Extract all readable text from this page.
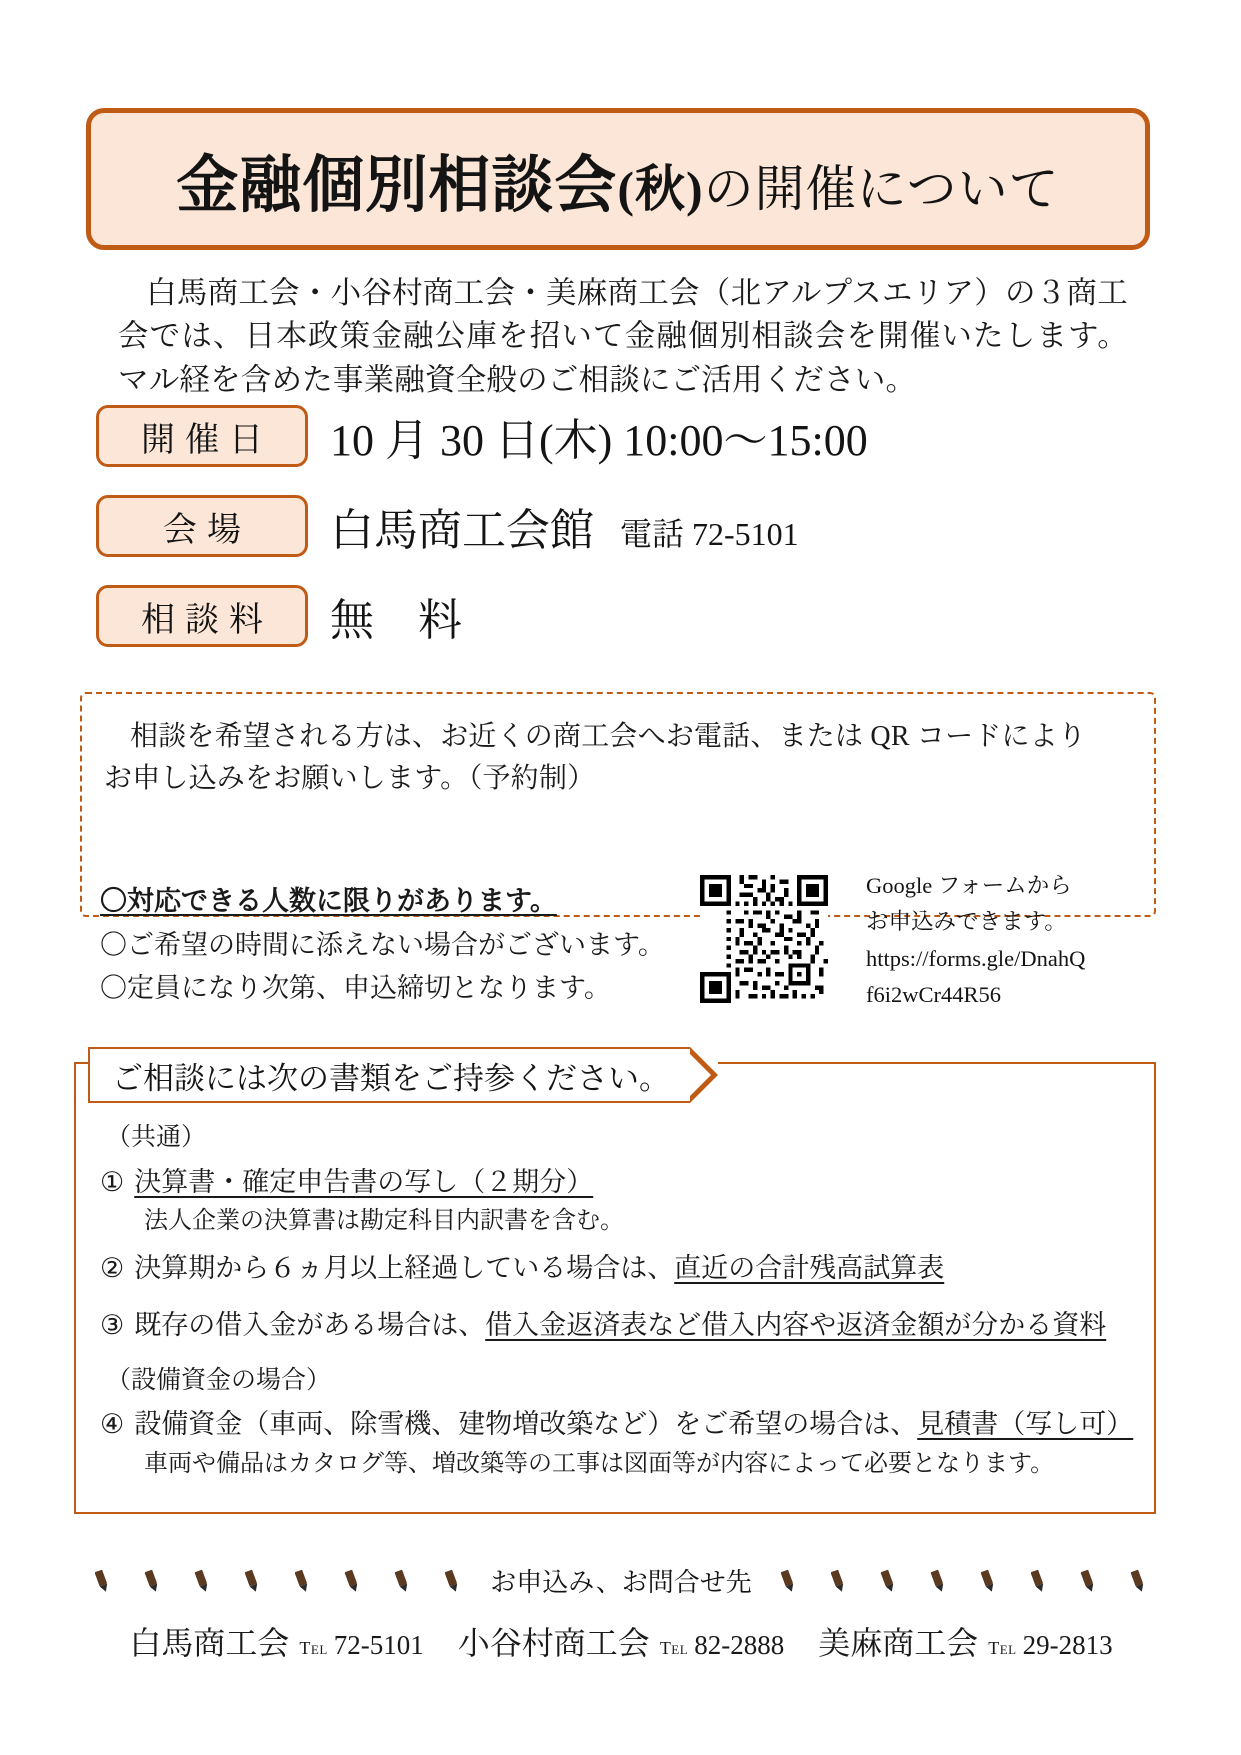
金融個別相談会(秋)の開催について
白馬商工会・小谷村商工会・美麻商工会（北アルプスエリア）の３商工会では、日本政策金融公庫を招いて金融個別相談会を開催いたします。マル経を含めた事業融資全般のご相談にご活用ください。
開催日	10 月 30 日(木) 10:00〜15:00
会場	白馬商工会館 電話 72-5101
相談料	無　料
相談を希望される方は、お近くの商工会へお電話、または QR コードによりお申し込みをお願いします。（予約制）
〇対応できる人数に限りがあります。
〇ご希望の時間に添えない場合がございます。
〇定員になり次第、申込締切となります。
Google フォームから
お申込みできます。
https://forms.gle/DnahQ
f6i2wCr44R56
ご相談には次の書類をご持参ください。
（共通）
① 決算書・確定申告書の写し（２期分）
法人企業の決算書は勘定科目内訳書を含む。
② 決算期から６ヵ月以上経過している場合は、直近の合計残高試算表
③ 既存の借入金がある場合は、借入金返済表など借入内容や返済金額が分かる資料
（設備資金の場合）
④ 設備資金（車両、除雪機、建物増改築など）をご希望の場合は、見積書（写し可）
車両や備品はカタログ等、増改築等の工事は図面等が内容によって必要となります。
お申込み、お問合せ先
白馬商工会 Tel 72-5101 小谷村商工会 Tel 82-2888 美麻商工会 Tel 29-2813
